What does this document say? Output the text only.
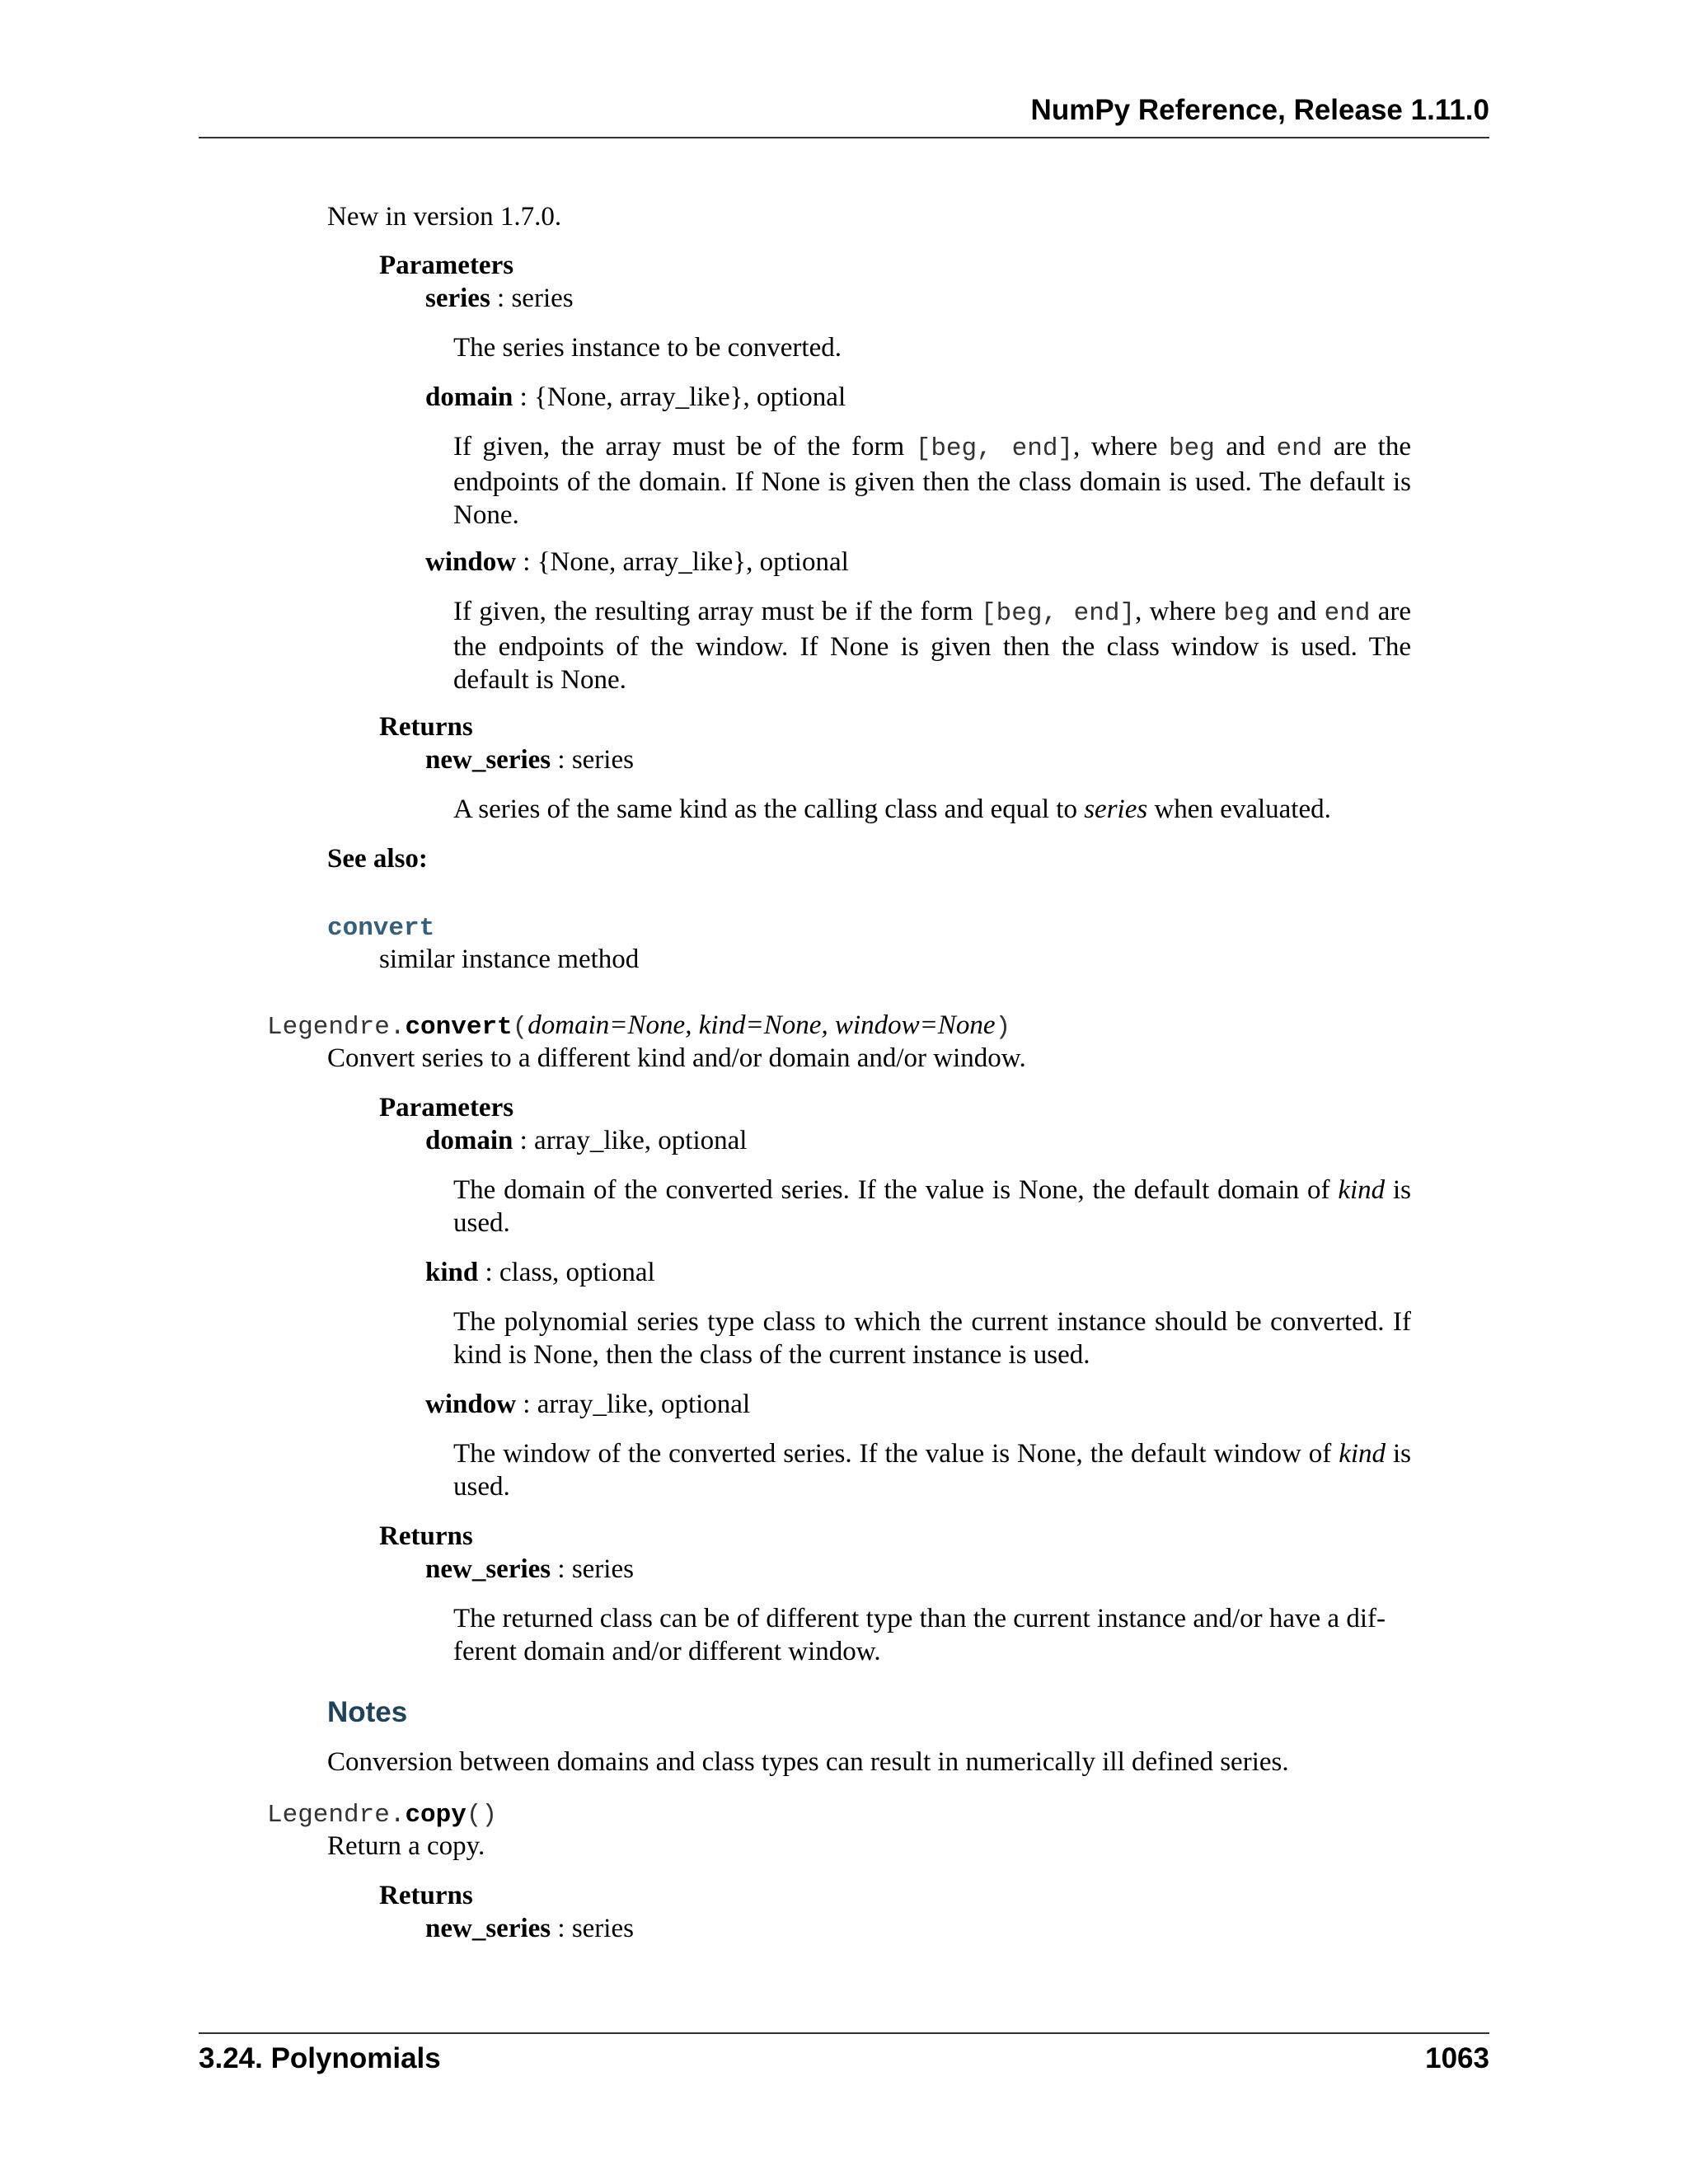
NumPy Reference, Release 1.11.0
New in version 1.7.0.
Parameters
series : series
The series instance to be converted.
domain : {None, array_like}, optional
If given, the array must be of the form [beg, end], where beg and end are the endpoints of the domain. If None is given then the class domain is used. The default is None.
window : {None, array_like}, optional
If given, the resulting array must be if the form [beg, end], where beg and end are the endpoints of the window. If None is given then the class window is used. The default is None.
Returns
new_series : series
A series of the same kind as the calling class and equal to series when evaluated.
See also:
convert
similar instance method
Legendre.convert(domain=None, kind=None, window=None)
Convert series to a different kind and/or domain and/or window.
Parameters
domain : array_like, optional
The domain of the converted series. If the value is None, the default domain of kind is used.
kind : class, optional
The polynomial series type class to which the current instance should be converted. If kind is None, then the class of the current instance is used.
window : array_like, optional
The window of the converted series. If the value is None, the default window of kind is used.
Returns
new_series : series
The returned class can be of different type than the current instance and/or have a dif-
ferent domain and/or different window.
Notes
Conversion between domains and class types can result in numerically ill defined series.
Legendre.copy()
Return a copy.
Returns
new_series : series
3.24. Polynomials	1063
